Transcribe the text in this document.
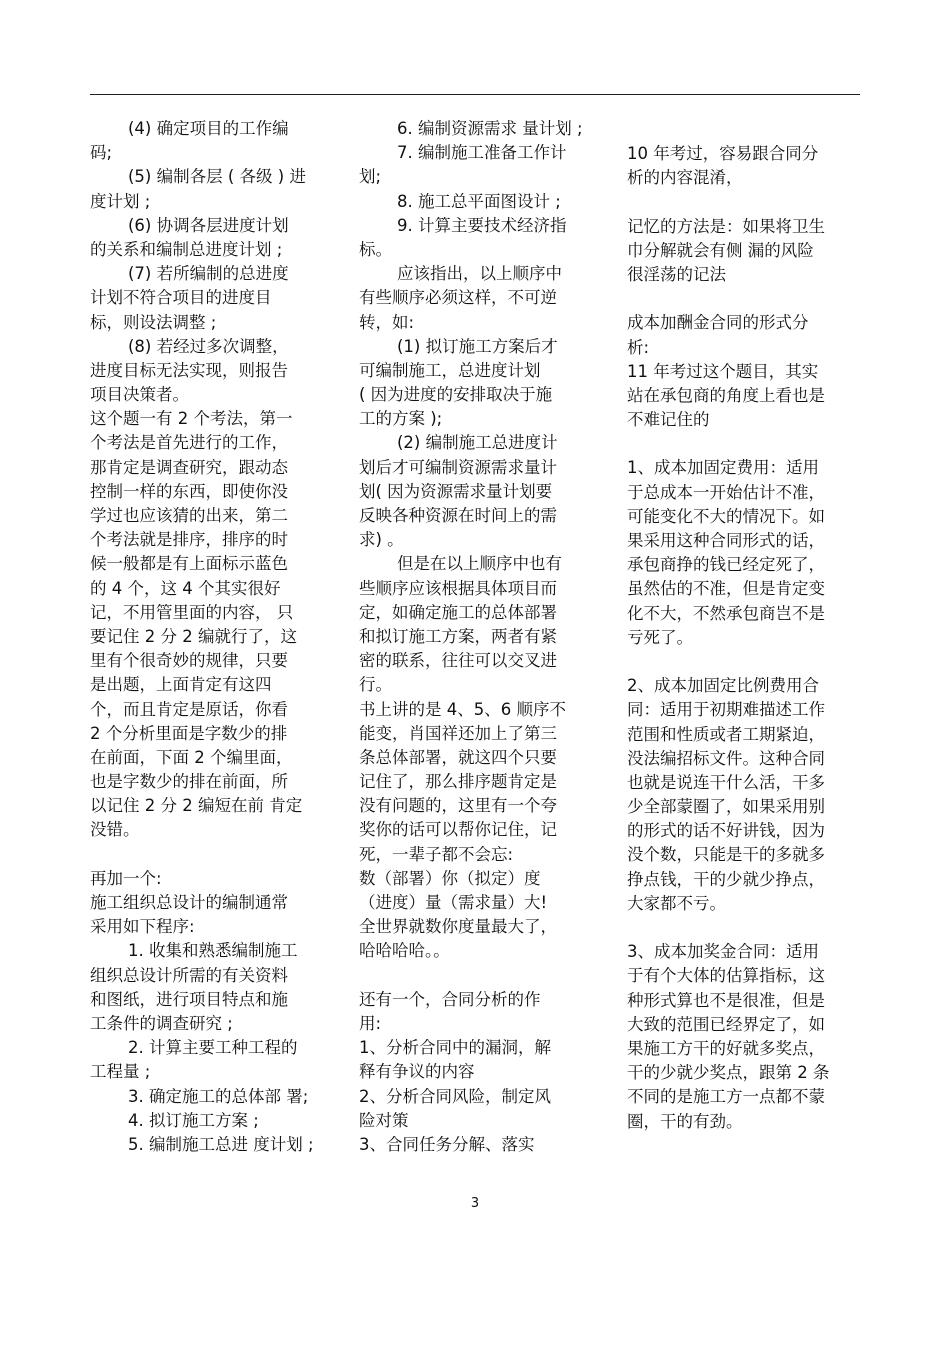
(4) 确定项目的工作编
码;
(5) 编制各层 ( 各级 ) 进
度计划 ;
(6) 协调各层进度计划
的关系和编制总进度计划 ;
(7) 若所编制的总进度
计划不符合项目的进度目
标，则设法调整 ;
(8) 若经过多次调整，
进度目标无法实现，则报告
项目决策者。
这个题一有 2 个考法，第一
个考法是首先进行的工作，
那肯定是调查研究，跟动态
控制一样的东西，即使你没
学过也应该猜的出来，第二
个考法就是排序，排序的时
候一般都是有上面标示蓝色
的 4 个，这 4 个其实很好
记，不用管里面的内容， 只
要记住 2 分 2 编就行了，这
里有个很奇妙的规律，只要
是出题，上面肯定有这四
个，而且肯定是原话，你看
2 个分析里面是字数少的排
在前面，下面 2 个编里面，
也是字数少的排在前面，所
以记住 2 分 2 编短在前 肯定
没错。
再加一个:
施工组织总设计的编制通常
采用如下程序:
1. 收集和熟悉编制施工
组织总设计所需的有关资料
和图纸，进行项目特点和施
工条件的调查研究 ;
2. 计算主要工种工程的
工程量 ;
3. 确定施工的总体部 署;
4. 拟订施工方案 ;
5. 编制施工总进 度计划 ;
6. 编制资源需求 量计划 ;
7. 编制施工准备工作计
划;
8. 施工总平面图设计 ;
9. 计算主要技术经济指
标。
应该指出，以上顺序中
有些顺序必须这样，不可逆
转，如:
(1) 拟订施工方案后才
可编制施工，总进度计划
( 因为进度的安排取决于施
工的方案 );
(2) 编制施工总进度计
划后才可编制资源需求量计
划( 因为资源需求量计划要
反映各种资源在时间上的需
求) 。
但是在以上顺序中也有
些顺序应该根据具体项目而
定，如确定施工的总体部署
和拟订施工方案，两者有紧
密的联系，往往可以交叉进
行。
书上讲的是 4、5、6 顺序不
能变，肖国祥还加上了第三
条总体部署，就这四个只要
记住了，那么排序题肯定是
没有问题的，这里有一个夸
奖你的话可以帮你记住，记
死，一辈子都不会忘:
数（部署）你（拟定）度
（进度）量（需求量）大!
全世界就数你度量最大了，
哈哈哈哈。。
还有一个，合同分析的作
用:
1、分析合同中的漏洞，解
释有争议的内容
2、分析合同风险，制定风
险对策
3、合同任务分解、落实
10 年考过，容易跟合同分
析的内容混淆，
记忆的方法是：如果将卫生
巾分解就会有侧 漏的风险
很淫荡的记法
成本加酬金合同的形式分
析:
11 年考过这个题目，其实
站在承包商的角度上看也是
不难记住的
1、成本加固定费用：适用
于总成本一开始估计不准，
可能变化不大的情况下。如
果采用这种合同形式的话，
承包商挣的钱已经定死了，
虽然估的不准，但是肯定变
化不大，不然承包商岂不是
亏死了。
2、成本加固定比例费用合
同：适用于初期难描述工作
范围和性质或者工期紧迫，
没法编招标文件。这种合同
也就是说连干什么活，干多
少全部蒙圈了，如果采用别
的形式的话不好讲钱，因为
没个数，只能是干的多就多
挣点钱，干的少就少挣点，
大家都不亏。
3、成本加奖金合同：适用
于有个大体的估算指标，这
种形式算也不是很准，但是
大致的范围已经界定了，如
果施工方干的好就多奖点，
干的少就少奖点，跟第 2 条
不同的是施工方一点都不蒙
圈，干的有劲。
3
